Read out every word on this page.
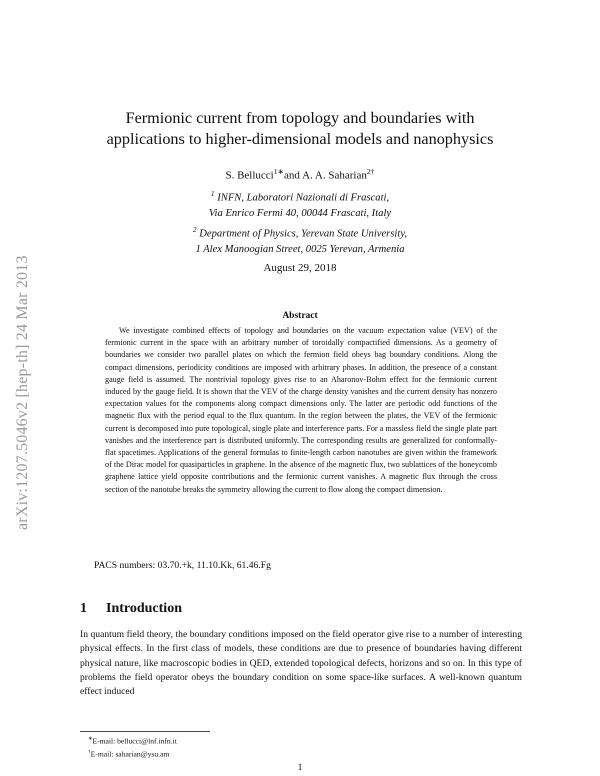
arXiv:1207.5046v2 [hep-th] 24 Mar 2013
Fermionic current from topology and boundaries with
applications to higher-dimensional models and nanophysics
S. Bellucci$^{1∗}$and A. A. Saharian$^{2\dagger}$
$^1$ INFN, Laboratori Nazionali di Frascati,
Via Enrico Fermi 40, 00044 Frascati, Italy
$^2$ Department of Physics, Yerevan State University,
1 Alex Manoogian Street, 0025 Yerevan, Armenia
August 29, 2018
Abstract
We investigate combined effects of topology and boundaries on the vacuum expectation value (VEV) of the fermionic current in the space with an arbitrary number of toroidally compactified dimensions. As a geometry of boundaries we consider two parallel plates on which the fermion field obeys bag boundary conditions. Along the compact dimensions, periodicity conditions are imposed with arbitrary phases. In addition, the presence of a constant gauge field is assumed. The nontrivial topology gives rise to an Aharonov-Bohm effect for the fermionic current induced by the gauge field. It is shown that the VEV of the charge density vanishes and the current density has nonzero expectation values for the components along compact dimensions only. The latter are periodic odd functions of the magnetic flux with the period equal to the flux quantum. In the region between the plates, the VEV of the fermionic current is decomposed into pure topological, single plate and interference parts. For a massless field the single plate part vanishes and the interference part is distributed uniformly. The corresponding results are generalized for conformally-flat spacetimes. Applications of the general formulas to finite-length carbon nanotubes are given within the framework of the Dirac model for quasiparticles in graphene. In the absence of the magnetic flux, two sublattices of the honeycomb graphene lattice yield opposite contributions and the fermionic current vanishes. A magnetic flux through the cross section of the nanotube breaks the symmetry allowing the current to flow along the compact dimension.
PACS numbers: 03.70.+k, 11.10.Kk, 61.46.Fg
1 Introduction
In quantum field theory, the boundary conditions imposed on the field operator give rise to a number of interesting physical effects. In the first class of models, these conditions are due to presence of boundaries having different physical nature, like macroscopic bodies in QED, extended topological defects, horizons and so on. In this type of problems the field operator obeys the boundary condition on some space-like surfaces. A well-known quantum effect induced
∗E-mail: bellucci@lnf.infn.it
†E-mail: saharian@ysu.am
1
